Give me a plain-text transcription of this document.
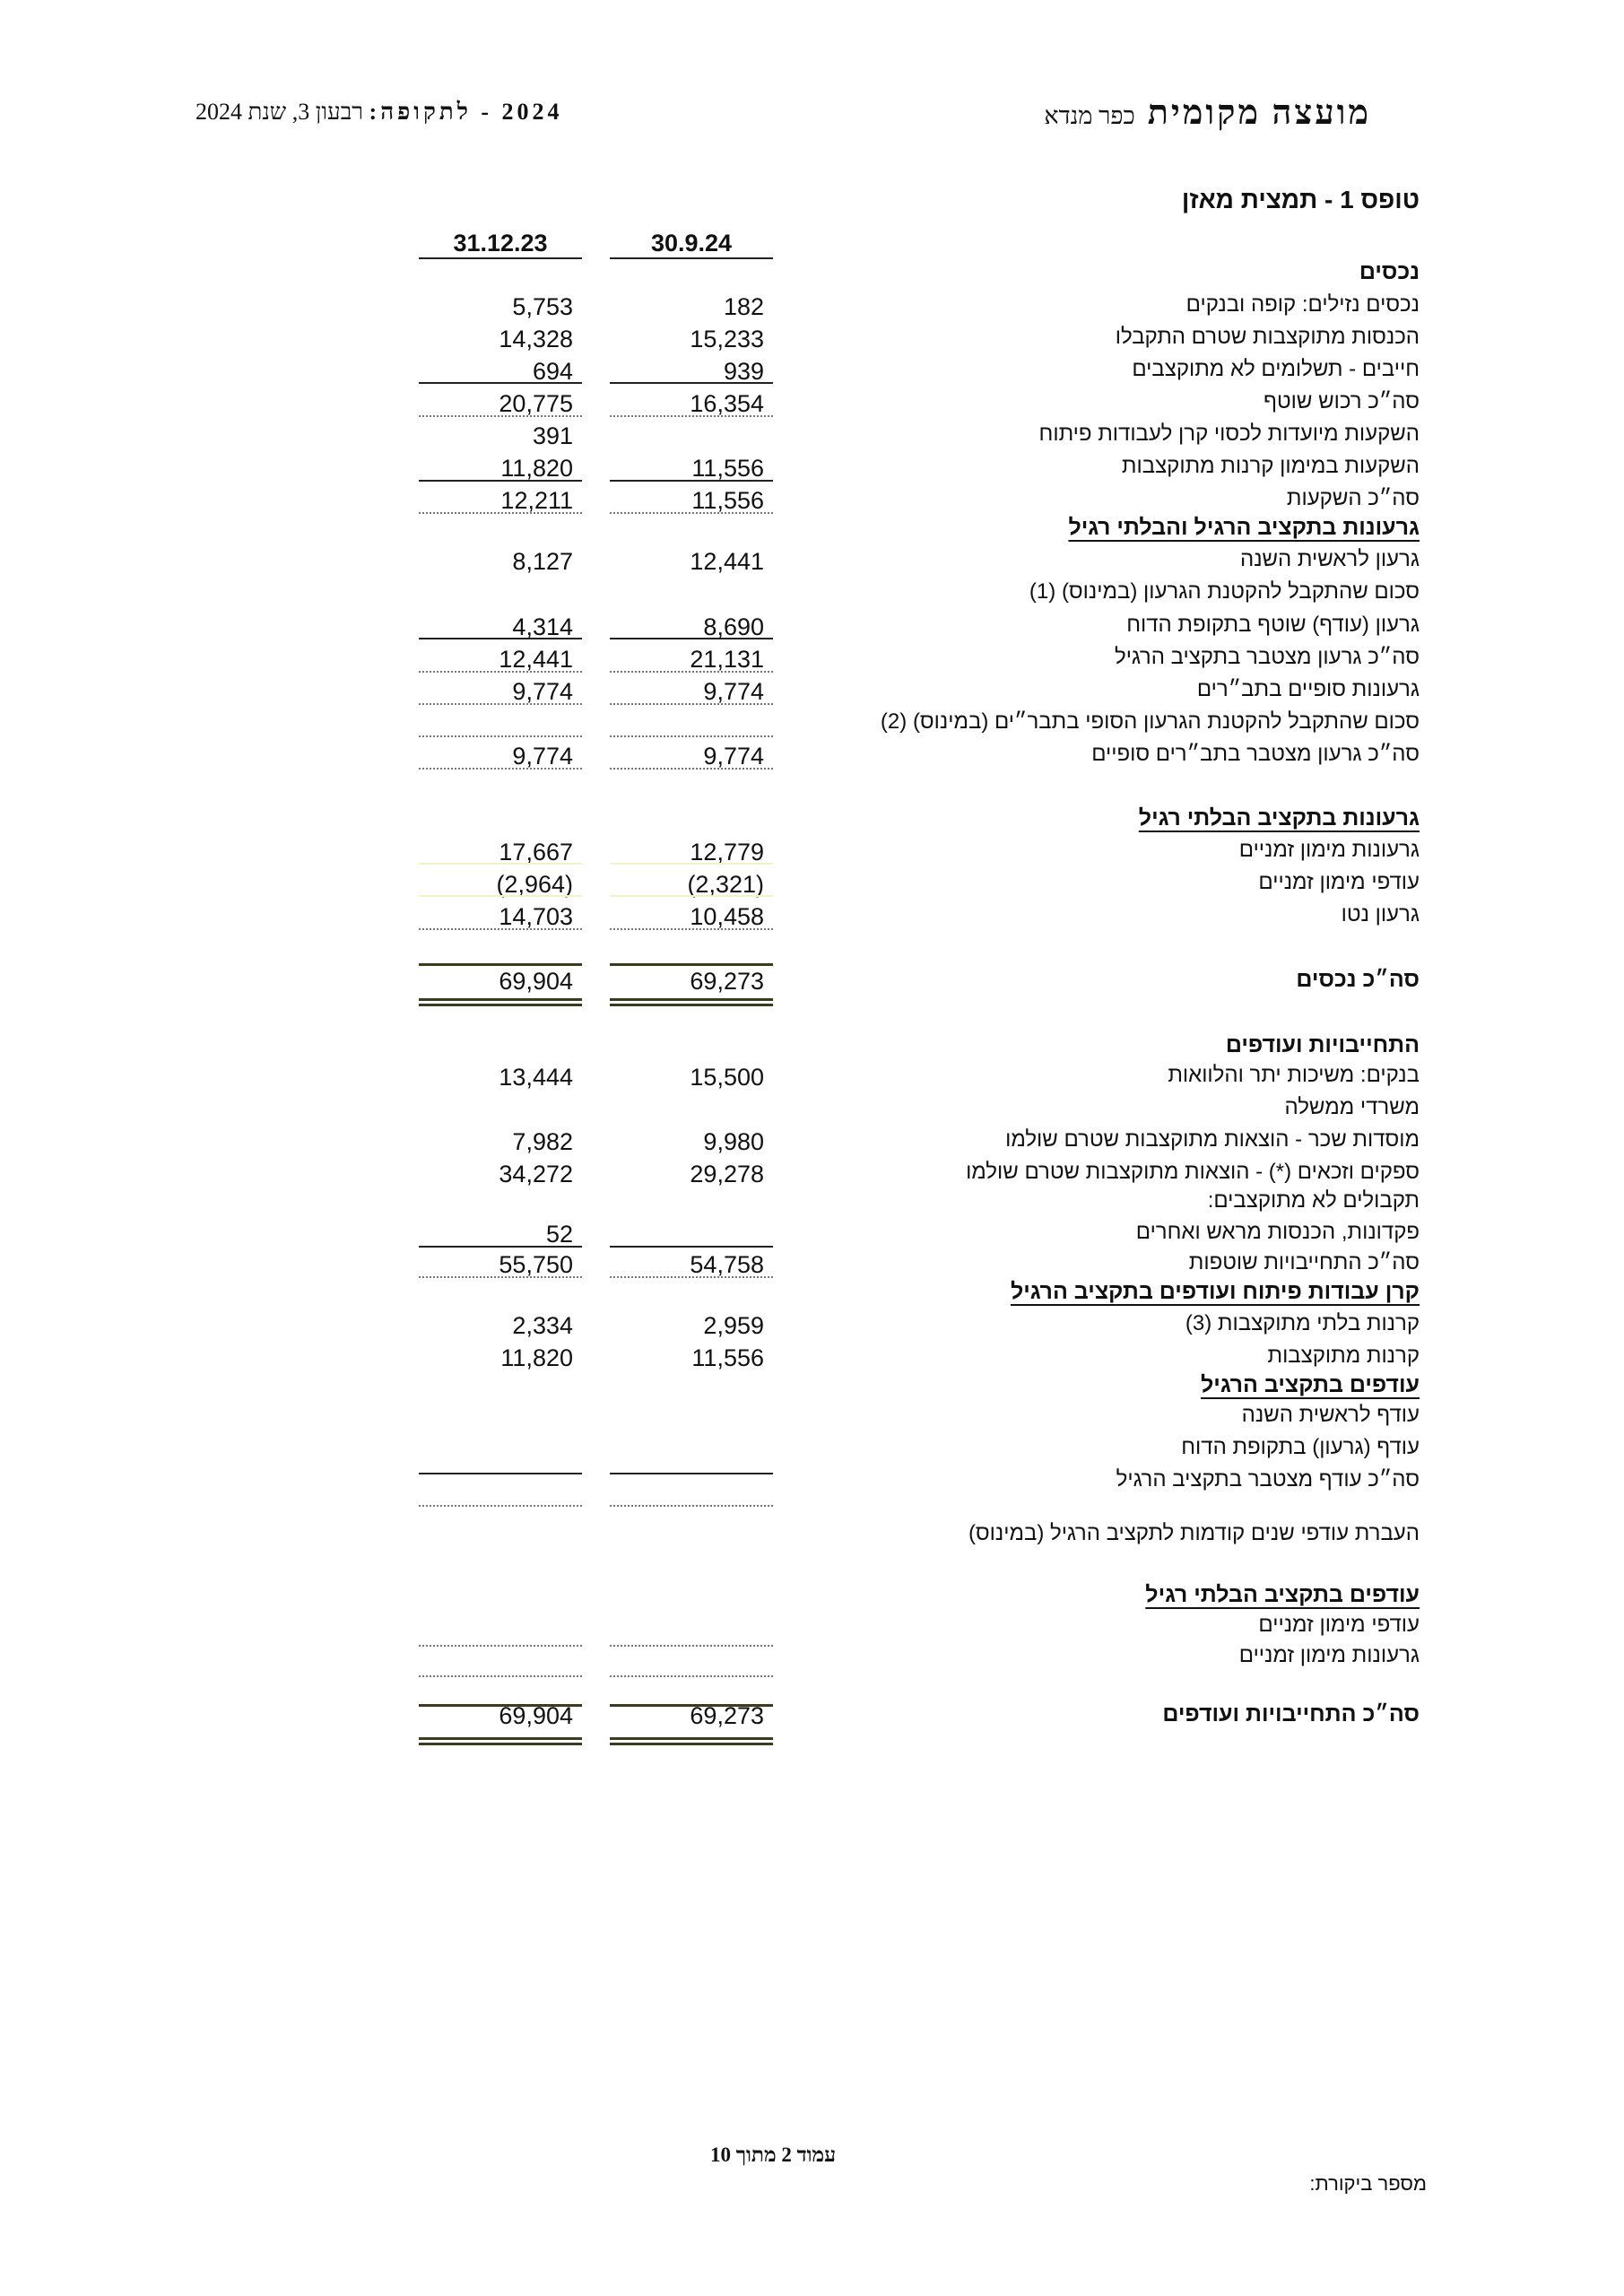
מועצה מקומית כפר מנדא
2024 - לתקופה: רבעון 3, שנת 2024
טופס 1 - תמצית מאזן
30.9.24
31.12.23
נכסים
נכסים נזילים: קופה ובנקים
182
5,753
הכנסות מתוקצבות שטרם התקבלו
15,233
14,328
חייבים - תשלומים לא מתוקצבים
939
694
סה״כ רכוש שוטף
16,354
20,775
השקעות מיועדות לכסוי קרן לעבודות פיתוח
391
השקעות במימון קרנות מתוקצבות
11,556
11,820
סה״כ השקעות
11,556
12,211
גרעונות בתקציב הרגיל והבלתי רגיל
גרעון לראשית השנה
12,441
8,127
סכום שהתקבל להקטנת הגרעון (במינוס) (1)
גרעון (עודף) שוטף בתקופת הדוח
8,690
4,314
סה״כ גרעון מצטבר בתקציב הרגיל
21,131
12,441
גרעונות סופיים בתב״רים
9,774
9,774
סכום שהתקבל להקטנת הגרעון הסופי בתבר״ים (במינוס) (2)
סה״כ גרעון מצטבר בתב״רים סופיים
9,774
9,774
גרעונות בתקציב הבלתי רגיל
גרעונות מימון זמניים
12,779
17,667
עודפי מימון זמניים
(2,321)
(2,964)
גרעון נטו
10,458
14,703
סה״כ נכסים
69,273
69,904
התחייבויות ועודפים
בנקים: משיכות יתר והלוואות
15,500
13,444
משרדי ממשלה
מוסדות שכר - הוצאות מתוקצבות שטרם שולמו
9,980
7,982
ספקים וזכאים (*) - הוצאות מתוקצבות שטרם שולמו
29,278
34,272
תקבולים לא מתוקצבים:
פקדונות, הכנסות מראש ואחרים
52
סה״כ התחייבויות שוטפות
54,758
55,750
קרן עבודות פיתוח ועודפים בתקציב הרגיל
קרנות בלתי מתוקצבות (3)
2,959
2,334
קרנות מתוקצבות
11,556
11,820
עודפים בתקציב הרגיל
עודף לראשית השנה
עודף (גרעון) בתקופת הדוח
סה״כ עודף מצטבר בתקציב הרגיל
העברת עודפי שנים קודמות לתקציב הרגיל (במינוס)
עודפים בתקציב הבלתי רגיל
עודפי מימון זמניים
גרעונות מימון זמניים
סה״כ התחייבויות ועודפים
69,273
69,904
עמוד 2 מתוך 10
מספר ביקורת:
